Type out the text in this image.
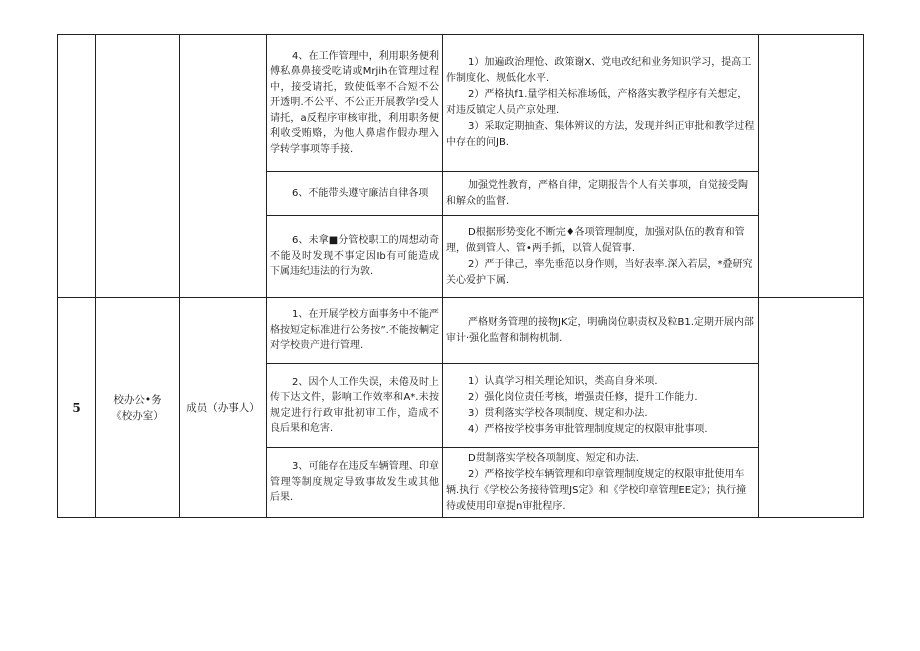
			4、在工作管理中，利用职务便利傅私鼻鼻接受吃请或Mrjih在管理过程中，接受请托，致使低率不合短不公开透明.不公平、不公正开展教学I受人请托，a反程序审核审批，利用职务便利收受贿赂，为他人鼻虐作假办理入学转学事项等手接.	1）加遍政治理怆、政策谢X、党电改纪和业务知识学习，提高工作制度化、规低化水平.
2）严格执f1.量学相关标准场低，产格落实教学程序有关想定，对违反镇定人员产京处理.
3）采取定期抽查、集体辨议的方法，发现并纠正审批和教学过程中存在的问JB.	

			6、不能带头遵守廉洁自律各项	加强党性教育，严格自律，定期报告个人有关事项，自觉接受陶和解众的监督.	

			6、未拿■分管校职工的周想动奇不能及时发现不事定因Ib有可能造成下属违纪违法的行为敦.	D根据形势变化不断完♦各项管理制度，加强对队伍的教育和管理，做到管人、管•两手抓，以管人促管事.
2）严于律己，率先垂范以身作则，当好表率.深入若层，*叠研究关心爱护下属.	

5	校办公•务
《校办室）	成员（办事人）	1、在开展学校方面事务中不能严格按短定标准进行公务按”.不能按輌定对学校贵产进行管理.	严格财务管理的接物JK定，明确岗位职责权及粒B1.定期开展内部审计·强化监督和制构机制.	

			2、因个人工作失误，未倦及时上传下达文件，影响工作效率和A*.未按规定进行行政审批初审工作，造成不良后果和危害.	1）认真学习相关理论知识，类高自身米项.
2）强化岗位责任考核，增强责任修，提升工作能力.
3）贯利落实学校各项制度、规定和办法.
4）严格按学校事务审批管理制度规定的权限审批事项.	

			3、可能存在违反车辆管理、印章管理等制度规定导致事故发生或其他后果.	D贯制落实学校各项制度、短定和办法.
2）严格按学校车辆管理和印章管理制度规定的权限审批使用车辆.执行《学校公务接待管理JS定》和《学校印章管理EE定》；执行撞待或使用印章提n审批程序.	
